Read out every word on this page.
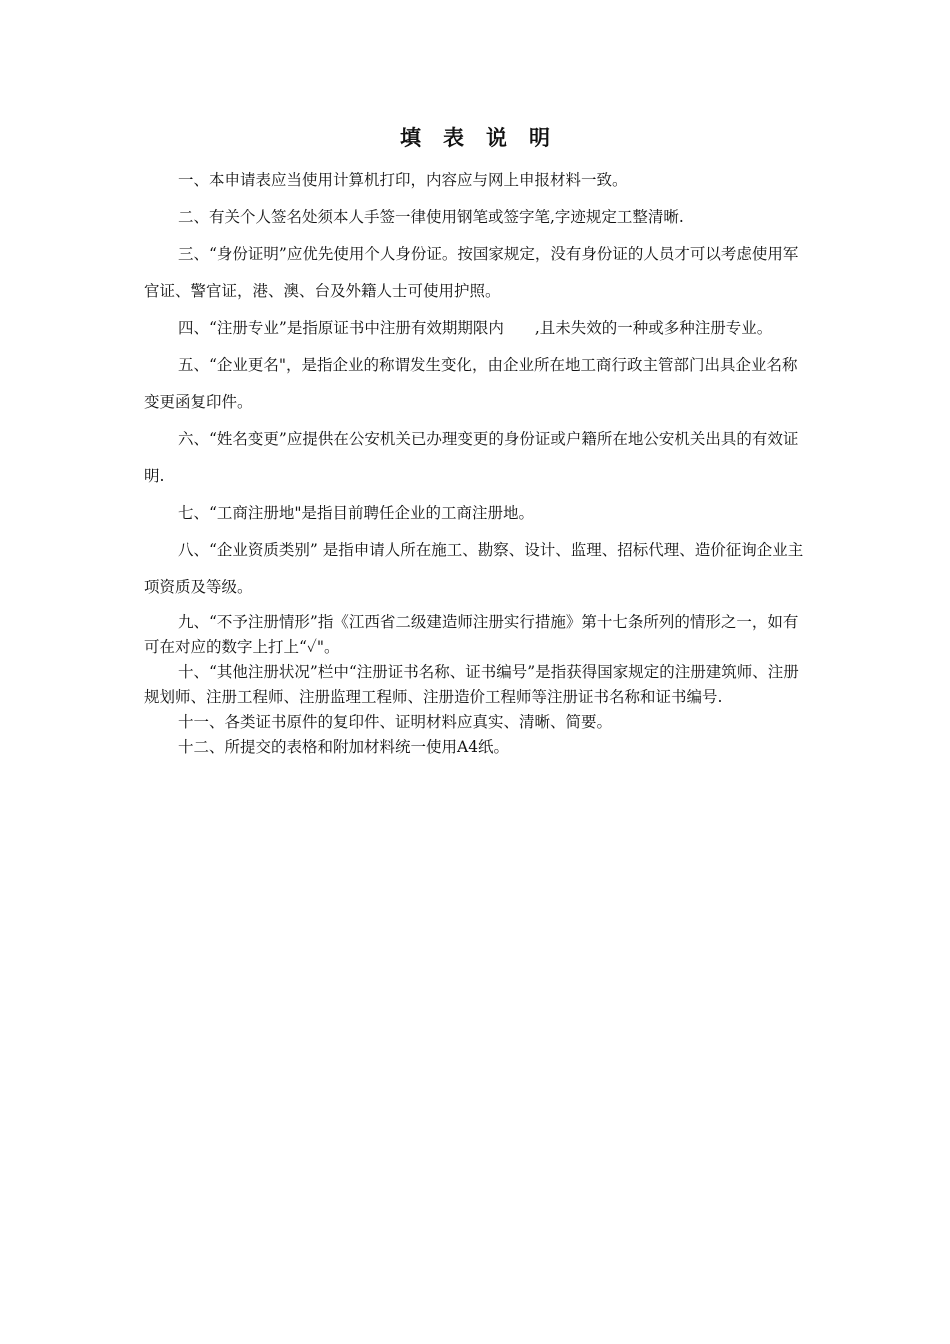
填表说明

一、本申请表应当使用计算机打印，内容应与网上申报材料一致。

二、有关个人签名处须本人手签一律使用钢笔或签字笔,字迹规定工整清晰.

三、“身份证明”应优先使用个人身份证。按国家规定，没有身份证的人员才可以考虑使用军官证、警官证，港、澳、台及外籍人士可使用护照。

四、“注册专业”是指原证书中注册有效期期限内　　,且未失效的一种或多种注册专业。

五、“企业更名"，是指企业的称谓发生变化，由企业所在地工商行政主管部门出具企业名称变更函复印件。

六、“姓名变更”应提供在公安机关已办理变更的身份证或户籍所在地公安机关出具的有效证明.

七、“工商注册地"是指目前聘任企业的工商注册地。

八、“企业资质类别” 是指申请人所在施工、勘察、设计、监理、招标代理、造价征询企业主项资质及等级。

九、“不予注册情形”指《江西省二级建造师注册实行措施》第十七条所列的情形之一，如有可在对应的数字上打上“✓"。

十、“其他注册状况”栏中“注册证书名称、证书编号”是指获得国家规定的注册建筑师、注册规划师、注册工程师、注册监理工程师、注册造价工程师等注册证书名称和证书编号.

十一、各类证书原件的复印件、证明材料应真实、清晰、简要。

十二、所提交的表格和附加材料统一使用A4纸。
